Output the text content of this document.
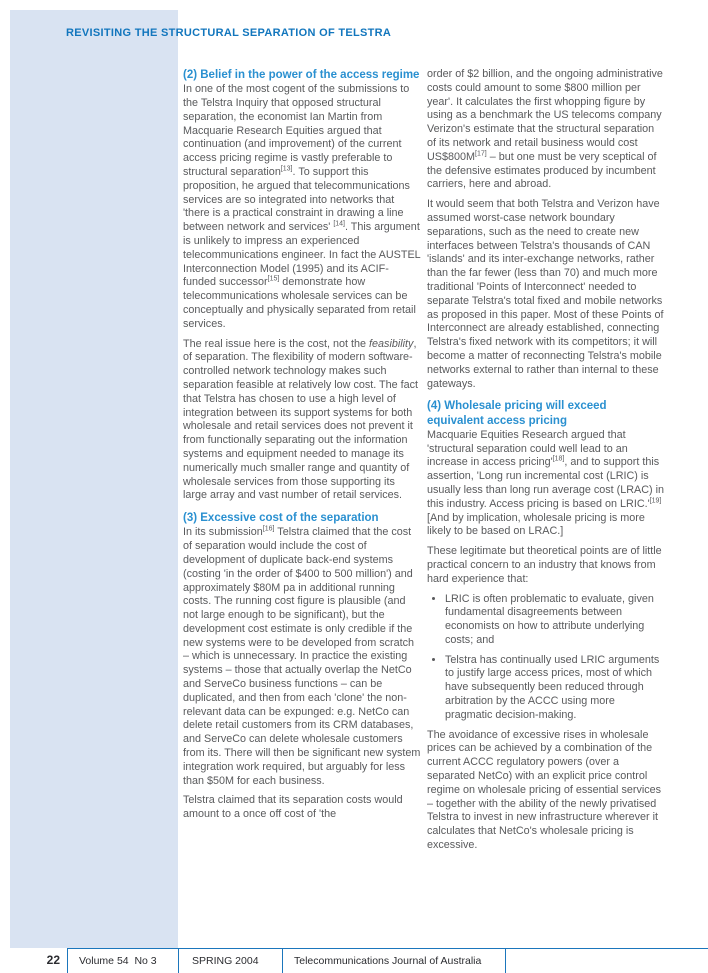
REVISITING THE STRUCTURAL SEPARATION OF TELSTRA
(2) Belief in the power of the access regime

In one of the most cogent of the submissions to the Telstra Inquiry that opposed structural separation, the economist Ian Martin from Macquarie Research Equities argued that continuation (and improvement) of the current access pricing regime is vastly preferable to structural separation[13]. To support this proposition, he argued that telecommunications services are so integrated into networks that 'there is a practical constraint in drawing a line between network and services' [14]. This argument is unlikely to impress an experienced telecommunications engineer. In fact the AUSTEL Interconnection Model (1995) and its ACIF-funded successor[15] demonstrate how telecommunications wholesale services can be conceptually and physically separated from retail services.

The real issue here is the cost, not the feasibility, of separation. The flexibility of modern software-controlled network technology makes such separation feasible at relatively low cost. The fact that Telstra has chosen to use a high level of integration between its support systems for both wholesale and retail services does not prevent it from functionally separating out the information systems and equipment needed to manage its numerically much smaller range and quantity of wholesale services from those supporting its large array and vast number of retail services.

(3) Excessive cost of the separation

In its submission[16] Telstra claimed that the cost of separation would include the cost of development of duplicate back-end systems (costing 'in the order of $400 to 500 million') and approximately $80M pa in additional running costs. The running cost figure is plausible (and not large enough to be significant), but the development cost estimate is only credible if the new systems were to be developed from scratch – which is unnecessary. In practice the existing systems – those that actually overlap the NetCo and ServeCo business functions – can be duplicated, and then from each 'clone' the non-relevant data can be expunged: e.g. NetCo can delete retail customers from its CRM databases, and ServeCo can delete wholesale customers from its. There will then be significant new system integration work required, but arguably for less than $50M for each business.

Telstra claimed that its separation costs would amount to a once off cost of 'the

order of $2 billion, and the ongoing administrative costs could amount to some $800 million per year'. It calculates the first whopping figure by using as a benchmark the US telecoms company Verizon's estimate that the structural separation of its network and retail business would cost US$800M[17] – but one must be very sceptical of the defensive estimates produced by incumbent carriers, here and abroad.

It would seem that both Telstra and Verizon have assumed worst-case network boundary separations, such as the need to create new interfaces between Telstra's thousands of CAN 'islands' and its inter-exchange networks, rather than the far fewer (less than 70) and much more traditional 'Points of Interconnect' needed to separate Telstra's total fixed and mobile networks as proposed in this paper. Most of these Points of Interconnect are already established, connecting Telstra's fixed network with its competitors; it will become a matter of reconnecting Telstra's mobile networks external to rather than internal to these gateways.

(4) Wholesale pricing will exceed equivalent access pricing

Macquarie Equities Research argued that 'structural separation could well lead to an increase in access pricing'[18], and to support this assertion, 'Long run incremental cost (LRIC) is usually less than long run average cost (LRAC) in this industry. Access pricing is based on LRIC.'[19] [And by implication, wholesale pricing is more likely to be based on LRAC.]

These legitimate but theoretical points are of little practical concern to an industry that knows from hard experience that:

• LRIC is often problematic to evaluate, given fundamental disagreements between economists on how to attribute underlying costs; and
• Telstra has continually used LRIC arguments to justify large access prices, most of which have subsequently been reduced through arbitration by the ACCC using more pragmatic decision-making.

The avoidance of excessive rises in wholesale prices can be achieved by a combination of the current ACCC regulatory powers (over a separated NetCo) with an explicit price control regime on wholesale pricing of essential services – together with the ability of the newly privatised Telstra to invest in new infrastructure wherever it calculates that NetCo's wholesale pricing is excessive.

22 Volume 54  No 3	SPRING 2004	Telecommunications Journal of Australia
